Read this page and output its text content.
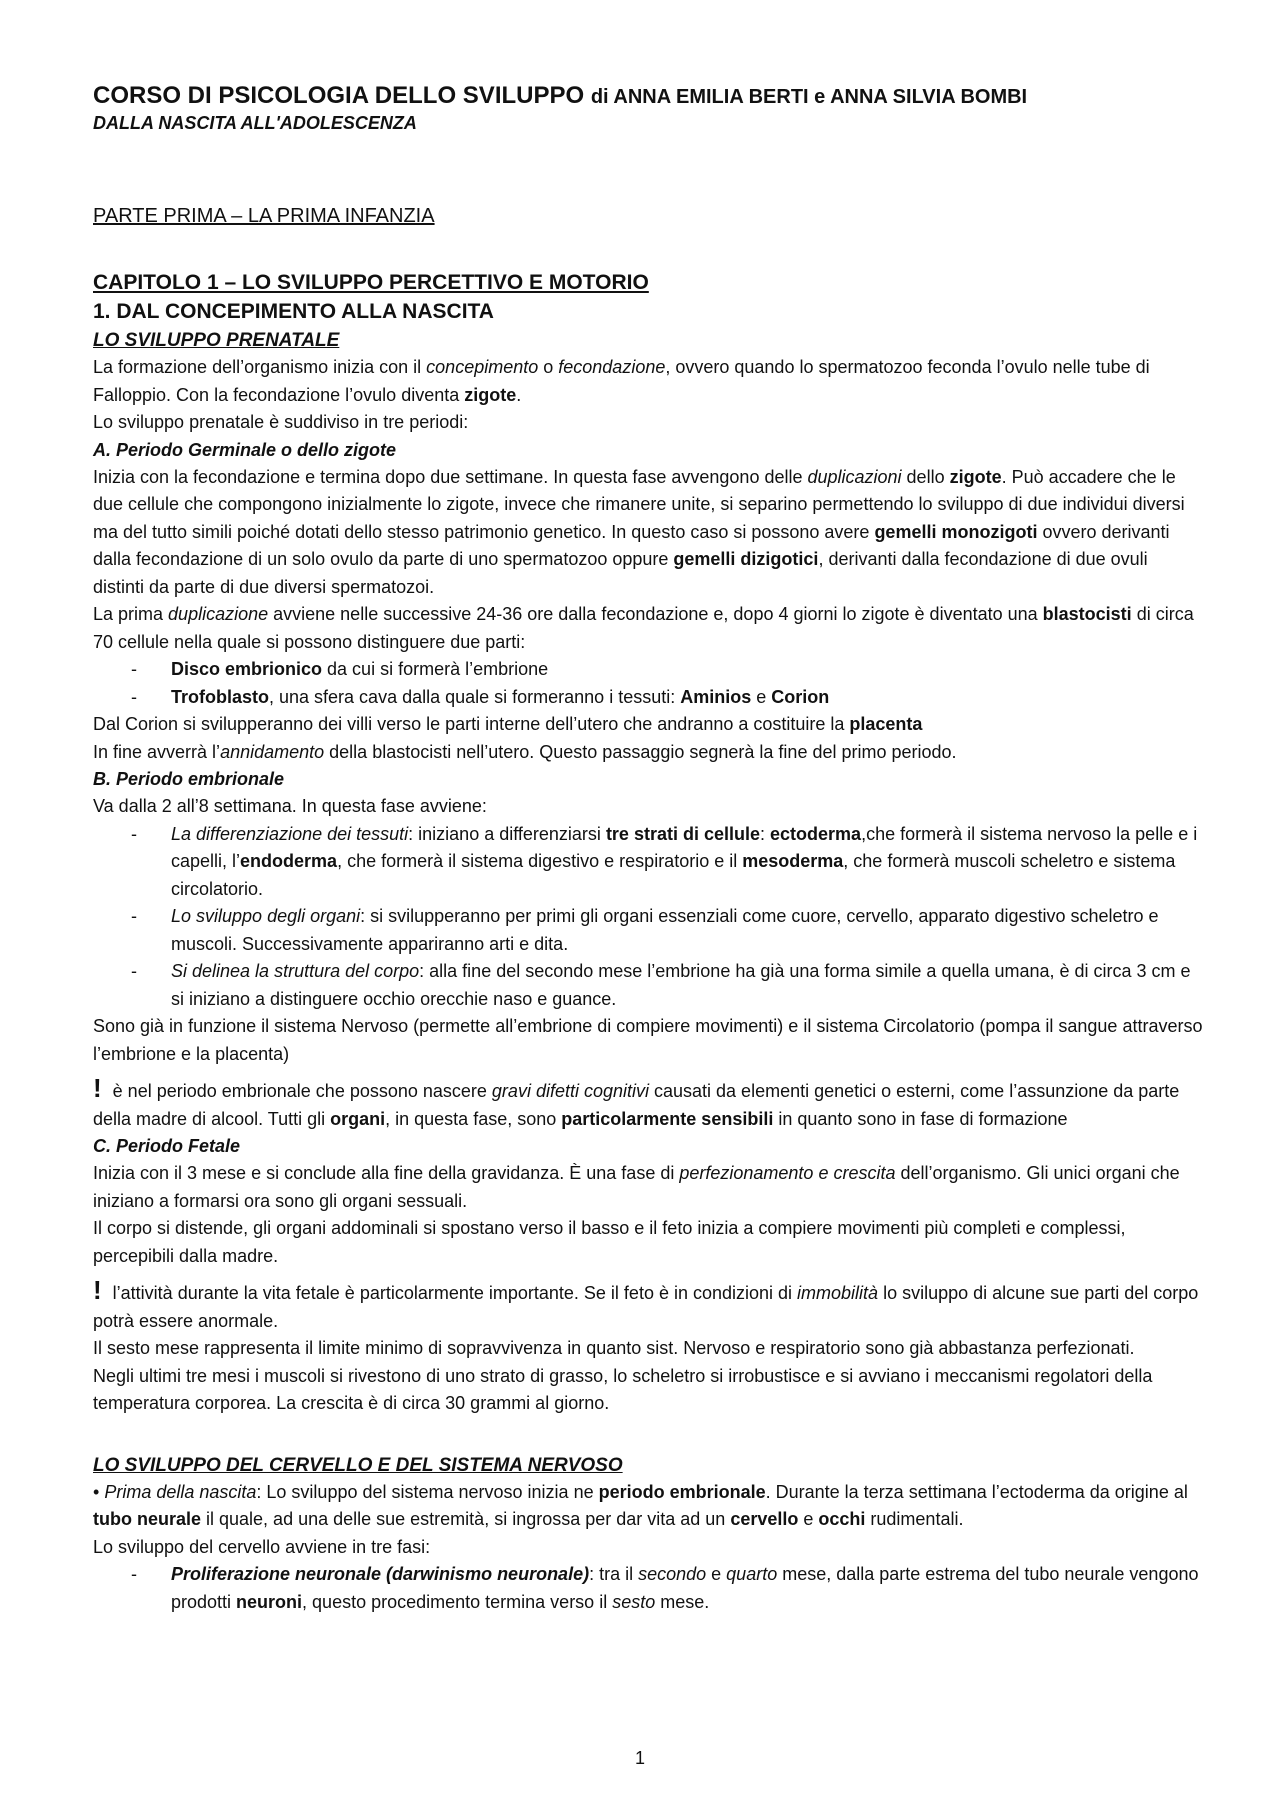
CORSO DI PSICOLOGIA DELLO SVILUPPO di ANNA EMILIA BERTI e ANNA SILVIA BOMBI
DALLA NASCITA ALL'ADOLESCENZA
PARTE PRIMA – LA PRIMA INFANZIA
CAPITOLO 1 – LO SVILUPPO PERCETTIVO E MOTORIO
1. DAL CONCEPIMENTO ALLA NASCITA
LO SVILUPPO PRENATALE

La formazione dell’organismo inizia con il concepimento o fecondazione, ovvero quando lo spermatozoo feconda l’ovulo nelle tube di Falloppio. Con la fecondazione l’ovulo diventa zigote.

Lo sviluppo prenatale è suddiviso in tre periodi:

A. Periodo Germinale o dello zigote

Inizia con la fecondazione e termina dopo due settimane. In questa fase avvengono delle duplicazioni dello zigote. Può accadere che le due cellule che compongono inizialmente lo zigote, invece che rimanere unite, si separino permettendo lo sviluppo di due individui diversi ma del tutto simili poiché dotati dello stesso patrimonio genetico. In questo caso si possono avere gemelli monozigoti ovvero derivanti dalla fecondazione di un solo ovulo da parte di uno spermatozoo oppure gemelli dizigotici, derivanti dalla fecondazione di due ovuli distinti da parte di due diversi spermatozoi.

La prima duplicazione avviene nelle successive 24-36 ore dalla fecondazione e, dopo 4 giorni lo zigote è diventato una blastocisti di circa 70 cellule nella quale si possono distinguere due parti:

- Disco embrionico da cui si formerà l’embrione
- Trofoblasto, una sfera cava dalla quale si formeranno i tessuti: Aminios e Corion

Dal Corion si svilupperanno dei villi verso le parti interne dell’utero che andranno a costituire la placenta

In fine avverrà l’annidamento della blastocisti nell’utero. Questo passaggio segnerà la fine del primo periodo.

B. Periodo embrionale

Va dalla 2 all’8 settimana. In questa fase avviene:

- La differenziazione dei tessuti: iniziano a differenziarsi tre strati di cellule: ectoderma,che formerà il sistema nervoso la pelle e i capelli, l’endoderma, che formerà il sistema digestivo e respiratorio e il mesoderma, che formerà muscoli scheletro e sistema circolatorio.
- Lo sviluppo degli organi: si svilupperanno per primi gli organi essenziali come cuore, cervello, apparato digestivo scheletro e muscoli. Successivamente appariranno arti e dita.
- Si delinea la struttura del corpo: alla fine del secondo mese l’embrione ha già una forma simile a quella umana, è di circa 3 cm e si iniziano a distinguere occhio orecchie naso e guance.

Sono già in funzione il sistema Nervoso (permette all’embrione di compiere movimenti) e il sistema Circolatorio (pompa il sangue attraverso l’embrione e la placenta)

! è nel periodo embrionale che possono nascere gravi difetti cognitivi causati da elementi genetici o esterni, come l’assunzione da parte della madre di alcool. Tutti gli organi, in questa fase, sono particolarmente sensibili in quanto sono in fase di formazione

C. Periodo Fetale

Inizia con il 3 mese e si conclude alla fine della gravidanza. È una fase di perfezionamento e crescita dell’organismo. Gli unici organi che iniziano a formarsi ora sono gli organi sessuali.

Il corpo si distende, gli organi addominali si spostano verso il basso e il feto inizia a compiere movimenti più completi e complessi, percepibili dalla madre.

! l’attività durante la vita fetale è particolarmente importante. Se il feto è in condizioni di immobilità lo sviluppo di alcune sue parti del corpo potrà essere anormale.

Il sesto mese rappresenta il limite minimo di sopravvivenza in quanto sist. Nervoso e respiratorio sono già abbastanza perfezionati.

Negli ultimi tre mesi i muscoli si rivestono di uno strato di grasso, lo scheletro si irrobustisce e si avviano i meccanismi regolatori della temperatura corporea. La crescita è di circa 30 grammi al giorno.

LO SVILUPPO DEL CERVELLO E DEL SISTEMA NERVOSO

• Prima della nascita: Lo sviluppo del sistema nervoso inizia ne periodo embrionale. Durante la terza settimana l’ectoderma da origine al tubo neurale il quale, ad una delle sue estremità, si ingrossa per dar vita ad un cervello e occhi rudimentali.

Lo sviluppo del cervello avviene in tre fasi:

- Proliferazione neuronale (darwinismo neuronale): tra il secondo e quarto mese, dalla parte estrema del tubo neurale vengono prodotti neuroni, questo procedimento termina verso il sesto mese.
1
